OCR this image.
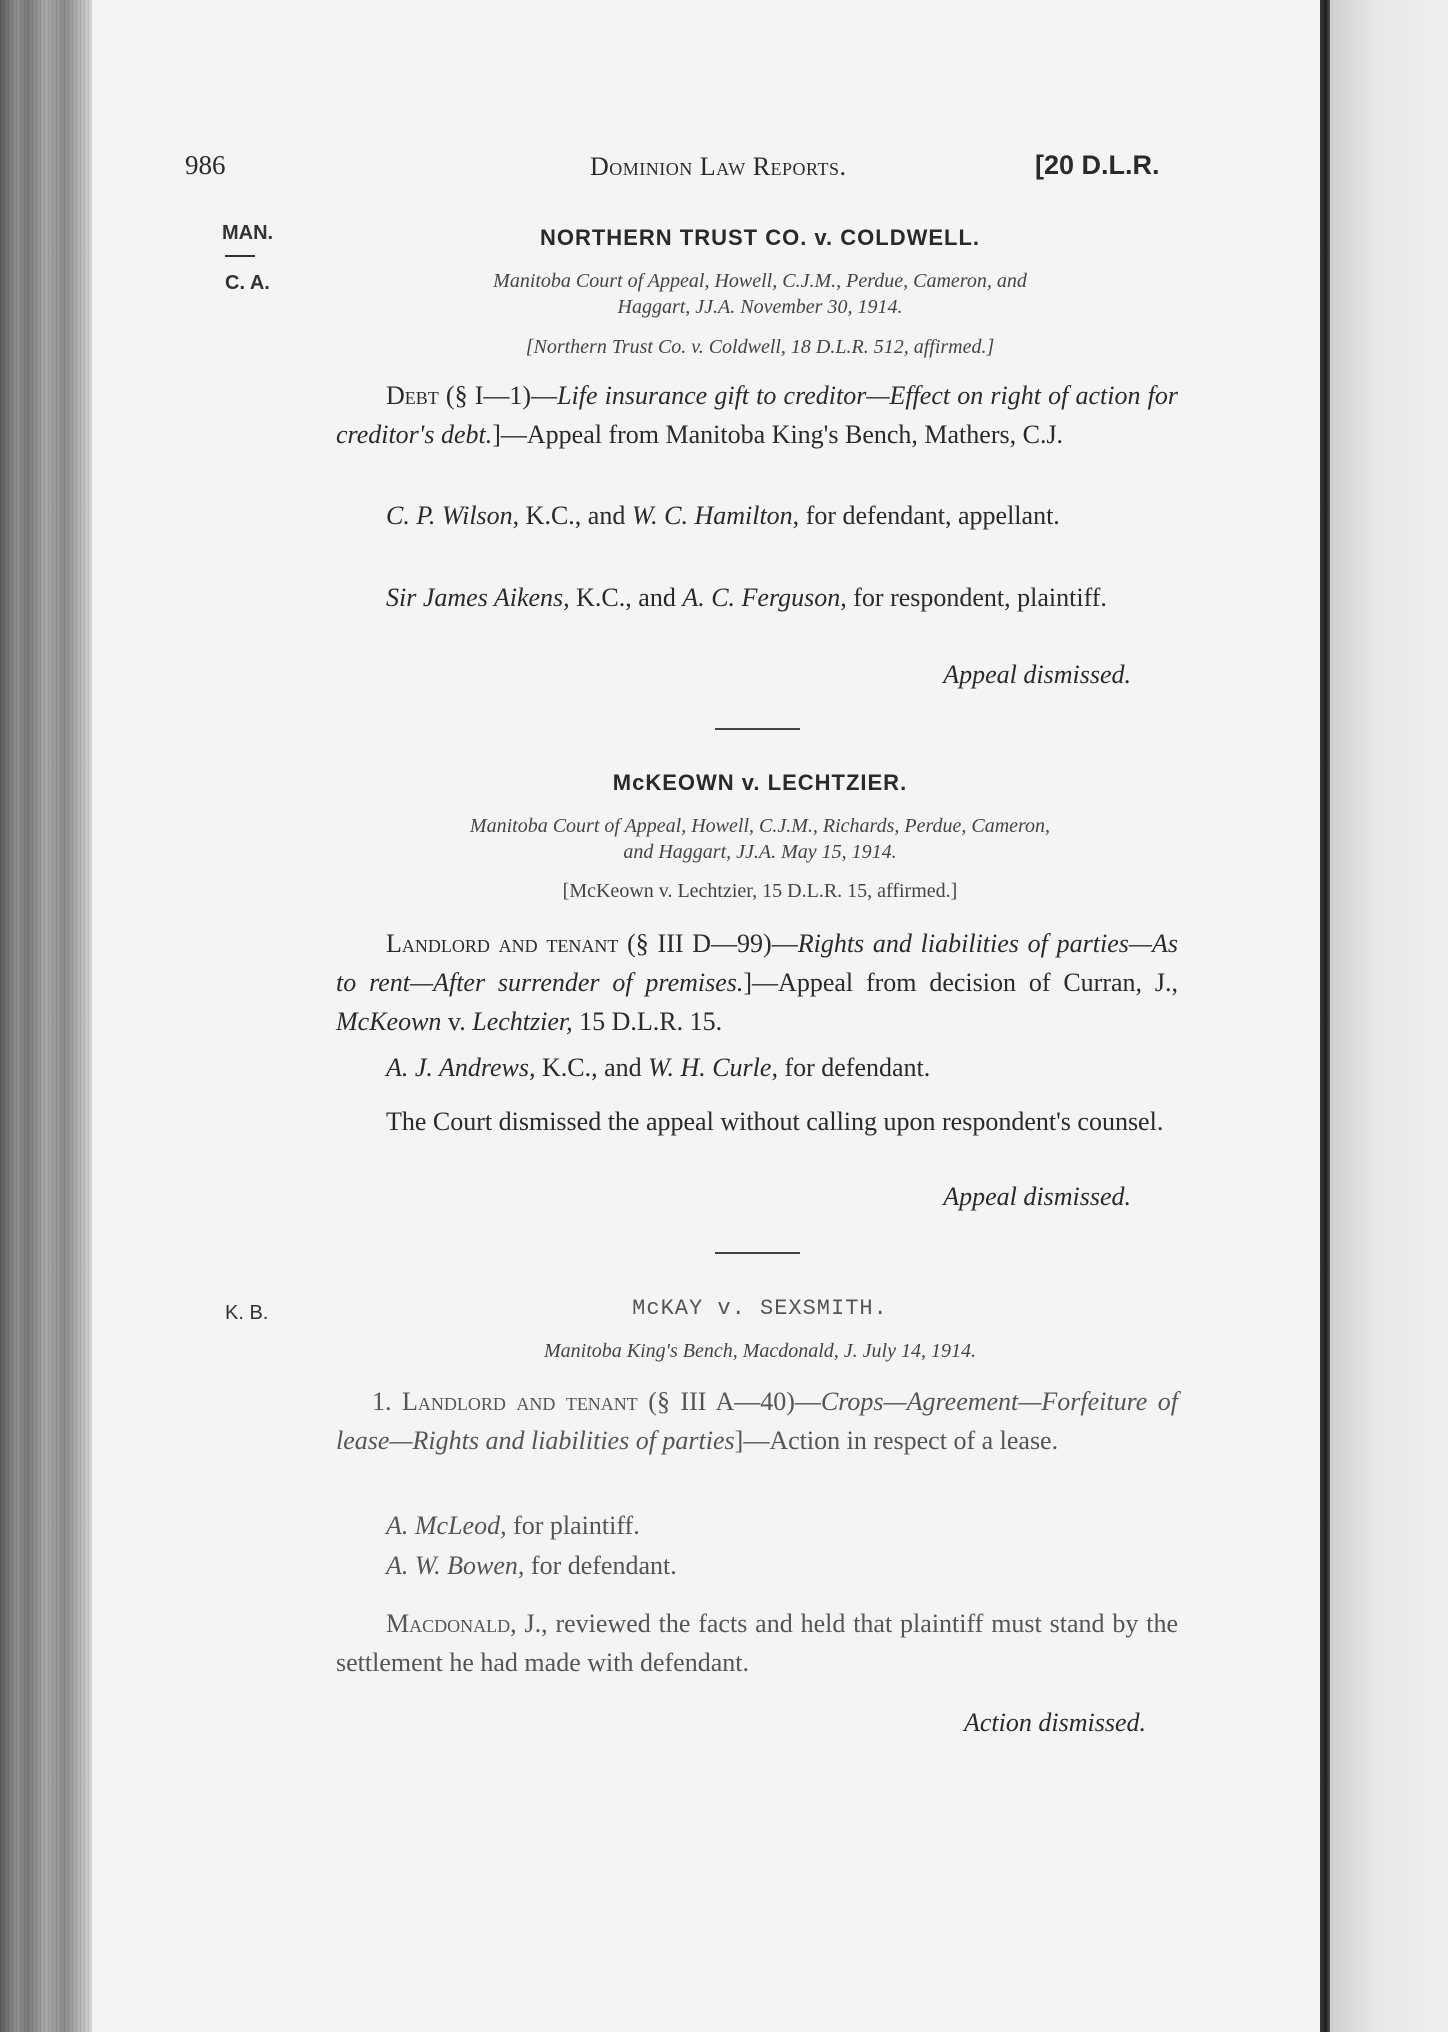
986	Dominion Law Reports.	[20 D.L.R.
MAN.
C. A.
K. B.
NORTHERN TRUST CO. v. COLDWELL.
Manitoba Court of Appeal, Howell, C.J.M., Perdue, Cameron, and
Haggart, JJ.A. November 30, 1914.
[Northern Trust Co. v. Coldwell, 18 D.L.R. 512, affirmed.]
Debt (§ I—1)—Life insurance gift to creditor—Effect on right of action for creditor's debt.]—Appeal from Manitoba King's Bench, Mathers, C.J.
C. P. Wilson, K.C., and W. C. Hamilton, for defendant, appellant.
Sir James Aikens, K.C., and A. C. Ferguson, for respondent, plaintiff.
Appeal dismissed.
McKEOWN v. LECHTZIER.
Manitoba Court of Appeal, Howell, C.J.M., Richards, Perdue, Cameron,
and Haggart, JJ.A. May 15, 1914.
[McKeown v. Lechtzier, 15 D.L.R. 15, affirmed.]
Landlord and tenant (§ III D—99)—Rights and liabilities of parties—As to rent—After surrender of premises.]—Appeal from decision of Curran, J., McKeown v. Lechtzier, 15 D.L.R. 15.
A. J. Andrews, K.C., and W. H. Curle, for defendant.
The Court dismissed the appeal without calling upon respondent's counsel.
Appeal dismissed.
McKAY v. SEXSMITH.
Manitoba King's Bench, Macdonald, J. July 14, 1914.
1. Landlord and tenant (§ III A—40)—Crops—Agreement—Forfeiture of lease—Rights and liabilities of parties]—Action in respect of a lease.
A. McLeod, for plaintiff.
A. W. Bowen, for defendant.
Macdonald, J., reviewed the facts and held that plaintiff must stand by the settlement he had made with defendant.
Action dismissed.
